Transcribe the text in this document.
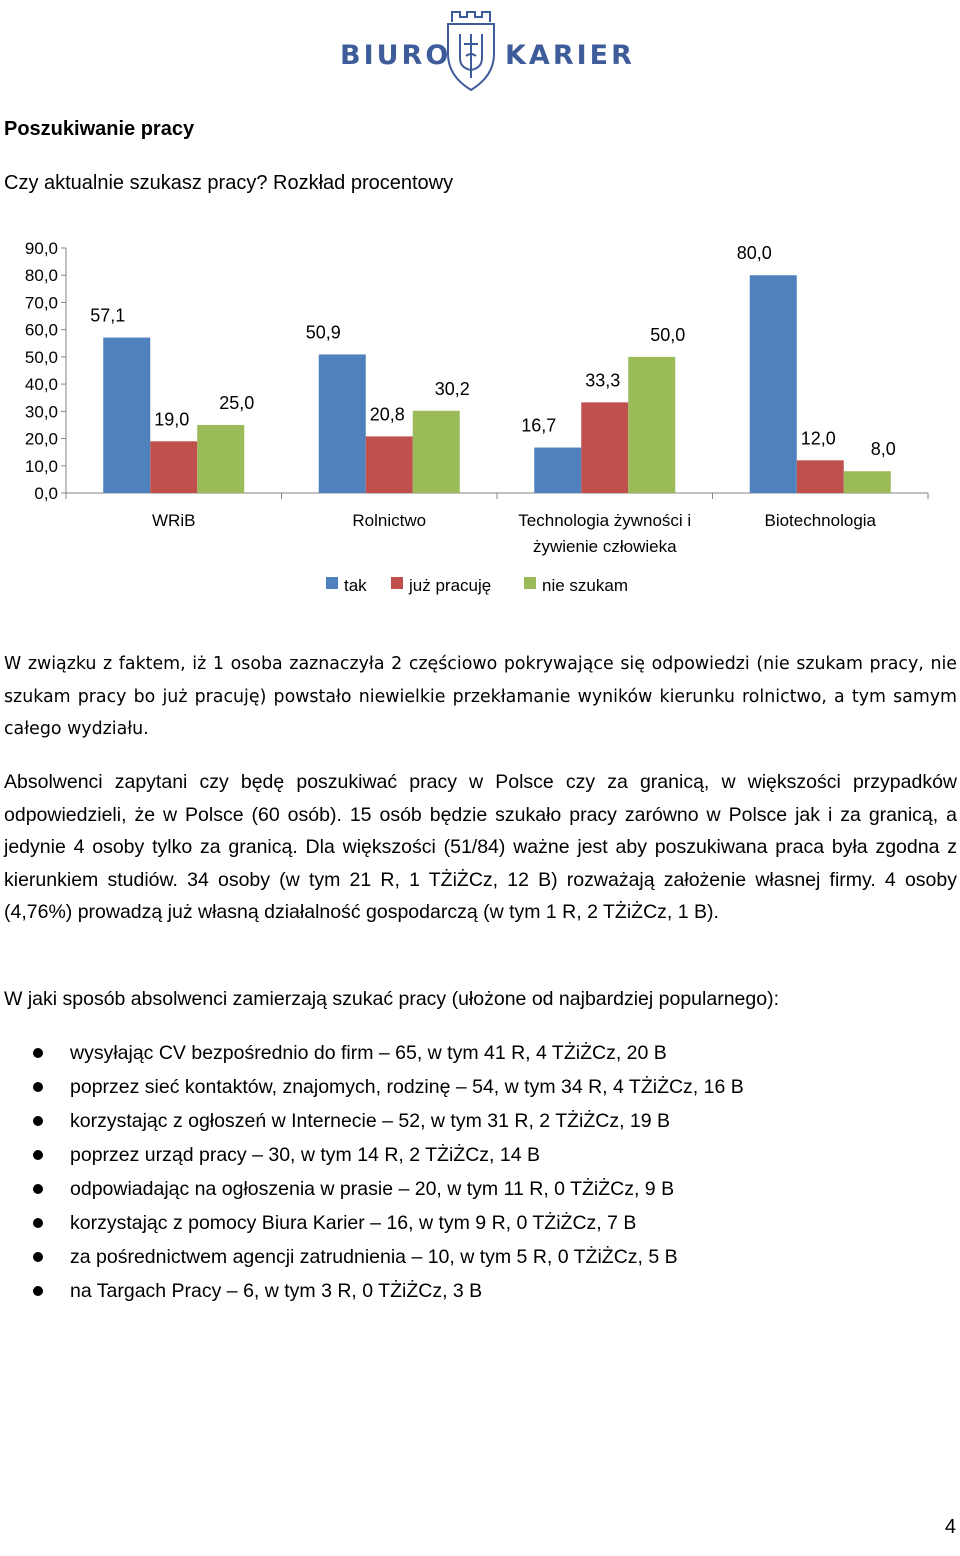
BIURO KARIER
Poszukiwanie pracy
Czy aktualnie szukasz pracy? Rozkład procentowy
0,0
10,0
20,0
30,0
40,0
50,0
60,0
70,0
80,0
90,0
57,1
19,0
25,0
WRiB
50,9
20,8
30,2
Rolnictwo
16,7
33,3
50,0
Technologia żywności i
żywienie człowieka
80,0
12,0
8,0
Biotechnologia
tak już pracuję	nie szukam

W związku z faktem, iż 1 osoba zaznaczyła 2 częściowo pokrywające się odpowiedzi (nie szukam pracy, nie szukam pracy bo już pracuję) powstało niewielkie przekłamanie wyników kierunku rolnictwo, a tym samym całego wydziału.

Absolwenci zapytani czy będę poszukiwać pracy w Polsce czy za granicą, w większości przypadków odpowiedzieli, że w Polsce (60 osób). 15 osób będzie szukało pracy zarówno w Polsce jak i za granicą, a jedynie 4 osoby tylko za granicą. Dla większości (51/84) ważne jest aby poszukiwana praca była zgodna z kierunkiem studiów. 34 osoby (w tym 21 R, 1 TŻiŻCz, 12 B) rozważają założenie własnej firmy. 4 osoby (4,76%) prowadzą już własną działalność gospodarczą (w tym 1 R, 2 TŻiŻCz, 1 B).

W jaki sposób absolwenci zamierzają szukać pracy (ułożone od najbardziej popularnego):

wysyłając CV bezpośrednio do firm – 65, w tym 41 R, 4 TŻiŻCz, 20 B
poprzez sieć kontaktów, znajomych, rodzinę – 54, w tym 34 R, 4 TŻiŻCz, 16 B
korzystając z ogłoszeń w Internecie – 52, w tym 31 R, 2 TŻiŻCz, 19 B
poprzez urząd pracy – 30, w tym 14 R, 2 TŻiŻCz, 14 B
odpowiadając na ogłoszenia w prasie – 20, w tym 11 R, 0 TŻiŻCz, 9 B
korzystając z pomocy Biura Karier – 16, w tym 9 R, 0 TŻiŻCz, 7 B
za pośrednictwem agencji zatrudnienia – 10, w tym 5 R, 0 TŻiŻCz, 5 B
na Targach Pracy – 6, w tym 3 R, 0 TŻiŻCz, 3 B
4
